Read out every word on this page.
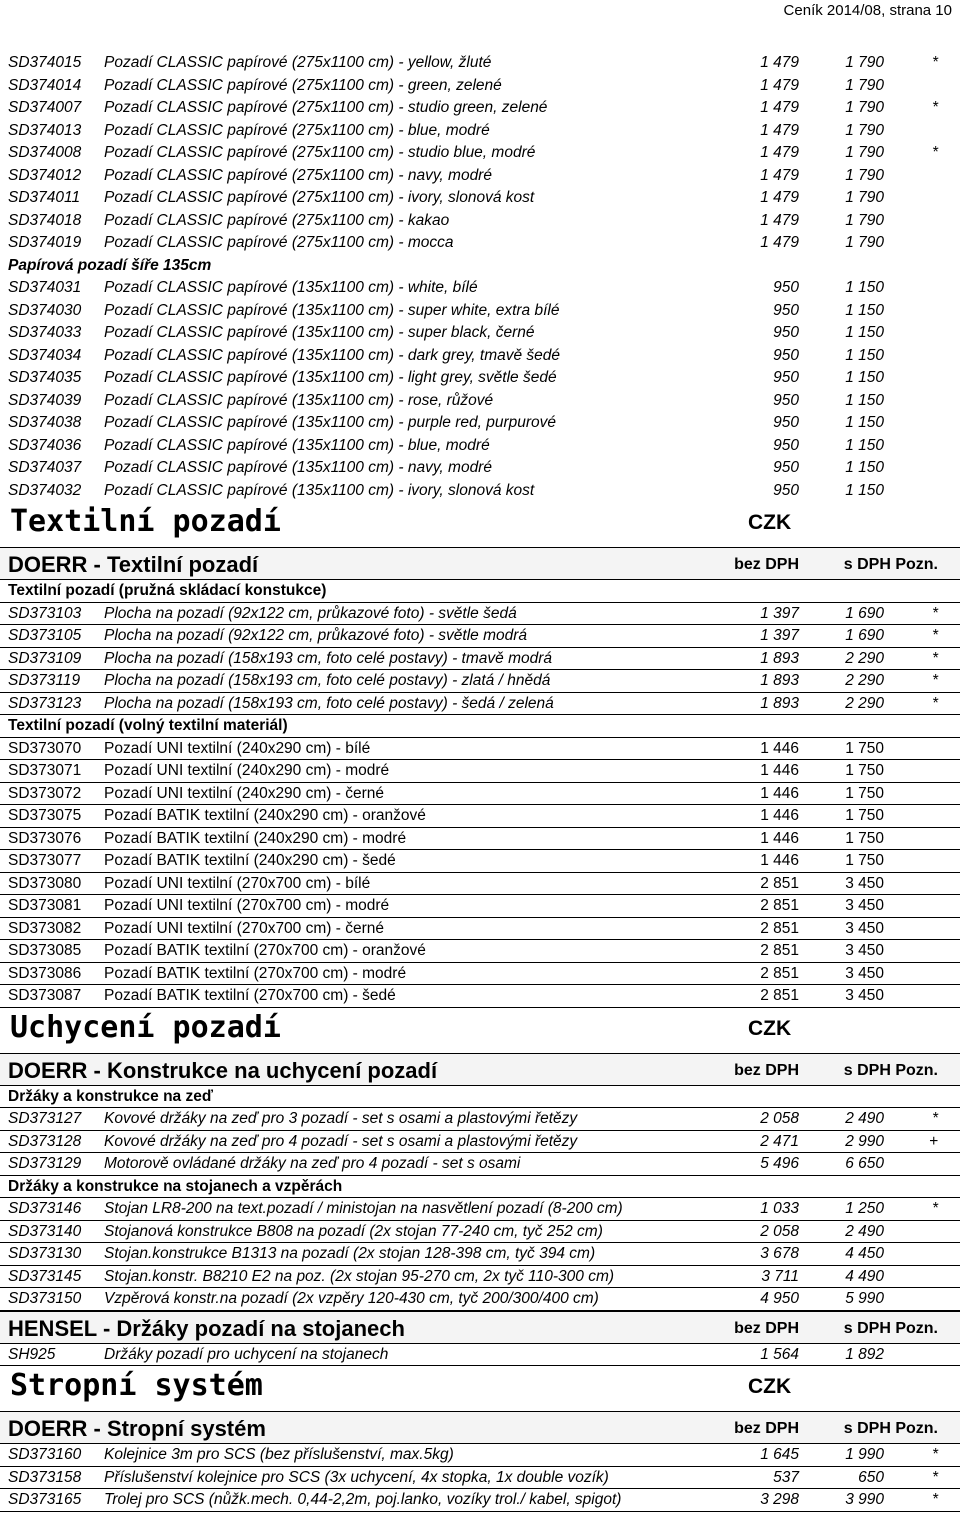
Ceník 2014/08, strana 10
SD374015 Pozadí CLASSIC papírové (275x1100 cm) - yellow, žluté	1 479	1 790	*
SD374014 Pozadí CLASSIC papírové (275x1100 cm) - green, zelené	1 479	1 790
SD374007 Pozadí CLASSIC papírové (275x1100 cm) - studio green, zelené	1 479	1 790	*
SD374013 Pozadí CLASSIC papírové (275x1100 cm) - blue, modré	1 479	1 790
SD374008 Pozadí CLASSIC papírové (275x1100 cm) - studio blue, modré	1 479	1 790	*
SD374012 Pozadí CLASSIC papírové (275x1100 cm) - navy, modré	1 479	1 790
SD374011 Pozadí CLASSIC papírové (275x1100 cm) - ivory, slonová kost	1 479	1 790
SD374018 Pozadí CLASSIC papírové (275x1100 cm) - kakao	1 479	1 790
SD374019 Pozadí CLASSIC papírové (275x1100 cm) - mocca	1 479	1 790
Papírová pozadí šíře 135cm
SD374031 Pozadí CLASSIC papírové (135x1100 cm) - white, bílé	950	1 150
SD374030 Pozadí CLASSIC papírové (135x1100 cm) - super white, extra bílé	950	1 150
SD374033 Pozadí CLASSIC papírové (135x1100 cm) - super black, černé	950	1 150
SD374034 Pozadí CLASSIC papírové (135x1100 cm) - dark grey, tmavě šedé	950	1 150
SD374035 Pozadí CLASSIC papírové (135x1100 cm) - light grey, světle šedé	950	1 150
SD374039 Pozadí CLASSIC papírové (135x1100 cm) - rose, růžové	950	1 150
SD374038 Pozadí CLASSIC papírové (135x1100 cm) - purple red, purpurové	950	1 150
SD374036 Pozadí CLASSIC papírové (135x1100 cm) - blue, modré	950	1 150
SD374037 Pozadí CLASSIC papírové (135x1100 cm) - navy, modré	950	1 150
SD374032 Pozadí CLASSIC papírové (135x1100 cm) - ivory, slonová kost	950	1 150
Textilní pozadí	CZK
DOERR - Textilní pozadí	bez DPH	s DPH Pozn.
Textilní pozadí (pružná skládací konstukce)
SD373103 Plocha na pozadí (92x122 cm, průkazové foto) - světle šedá	1 397	1 690	*
SD373105 Plocha na pozadí (92x122 cm, průkazové foto) - světle modrá	1 397	1 690	*
SD373109 Plocha na pozadí (158x193 cm, foto celé postavy) - tmavě modrá	1 893	2 290	*
SD373119 Plocha na pozadí (158x193 cm, foto celé postavy) - zlatá / hnědá	1 893	2 290	*
SD373123 Plocha na pozadí (158x193 cm, foto celé postavy) - šedá / zelená	1 893	2 290	*
Textilní pozadí (volný textilní materiál)
SD373070 Pozadí UNI textilní (240x290 cm) - bílé	1 446	1 750
SD373071 Pozadí UNI textilní (240x290 cm) - modré	1 446	1 750
SD373072 Pozadí UNI textilní (240x290 cm) - černé	1 446	1 750
SD373075 Pozadí BATIK textilní (240x290 cm) - oranžové	1 446	1 750
SD373076 Pozadí BATIK textilní (240x290 cm) - modré	1 446	1 750
SD373077 Pozadí BATIK textilní (240x290 cm) - šedé	1 446	1 750
SD373080 Pozadí UNI textilní (270x700 cm) - bílé	2 851	3 450
SD373081 Pozadí UNI textilní (270x700 cm) - modré	2 851	3 450
SD373082 Pozadí UNI textilní (270x700 cm) - černé	2 851	3 450
SD373085 Pozadí BATIK textilní (270x700 cm) - oranžové	2 851	3 450
SD373086 Pozadí BATIK textilní (270x700 cm) - modré	2 851	3 450
SD373087 Pozadí BATIK textilní (270x700 cm) - šedé	2 851	3 450
Uchycení pozadí	CZK
DOERR - Konstrukce na uchycení pozadí	bez DPH	s DPH Pozn.
Držáky a konstrukce na zeď
SD373127 Kovové držáky na zeď pro 3 pozadí - set s osami a plastovými řetězy	2 058	2 490	*
SD373128 Kovové držáky na zeď pro 4 pozadí - set s osami a plastovými řetězy	2 471	2 990	+
SD373129 Motorově ovládané držáky na zeď pro 4 pozadí - set s osami	5 496	6 650
Držáky a konstrukce na stojanech a vzpěrách
SD373146 Stojan LR8-200 na text.pozadí / ministojan na nasvětlení pozadí (8-200 cm)	1 033	1 250	*
SD373140 Stojanová konstrukce B808 na pozadí (2x stojan 77-240 cm, tyč 252 cm)	2 058	2 490
SD373130 Stojan.konstrukce B1313 na pozadí (2x stojan 128-398 cm, tyč 394 cm)	3 678	4 450
SD373145 Stojan.konstr. B8210 E2 na poz. (2x stojan 95-270 cm, 2x tyč 110-300 cm)	3 711	4 490
SD373150 Vzpěrová konstr.na pozadí (2x vzpěry 120-430 cm, tyč 200/300/400 cm)	4 950	5 990
HENSEL - Držáky pozadí na stojanech	bez DPH	s DPH Pozn.
SH925	Držáky pozadí pro uchycení na stojanech	1 564	1 892
Stropní systém	CZK
DOERR - Stropní systém	bez DPH	s DPH Pozn.
SD373160 Kolejnice 3m pro SCS (bez příslušenství, max.5kg)	1 645	1 990	*
SD373158 Příslušenství kolejnice pro SCS (3x uchycení, 4x stopka, 1x double vozík)	537	650	*
SD373165 Trolej pro SCS (nůžk.mech. 0,44-2,2m, poj.lanko, vozíky trol./ kabel, spigot)	3 298	3 990	*
